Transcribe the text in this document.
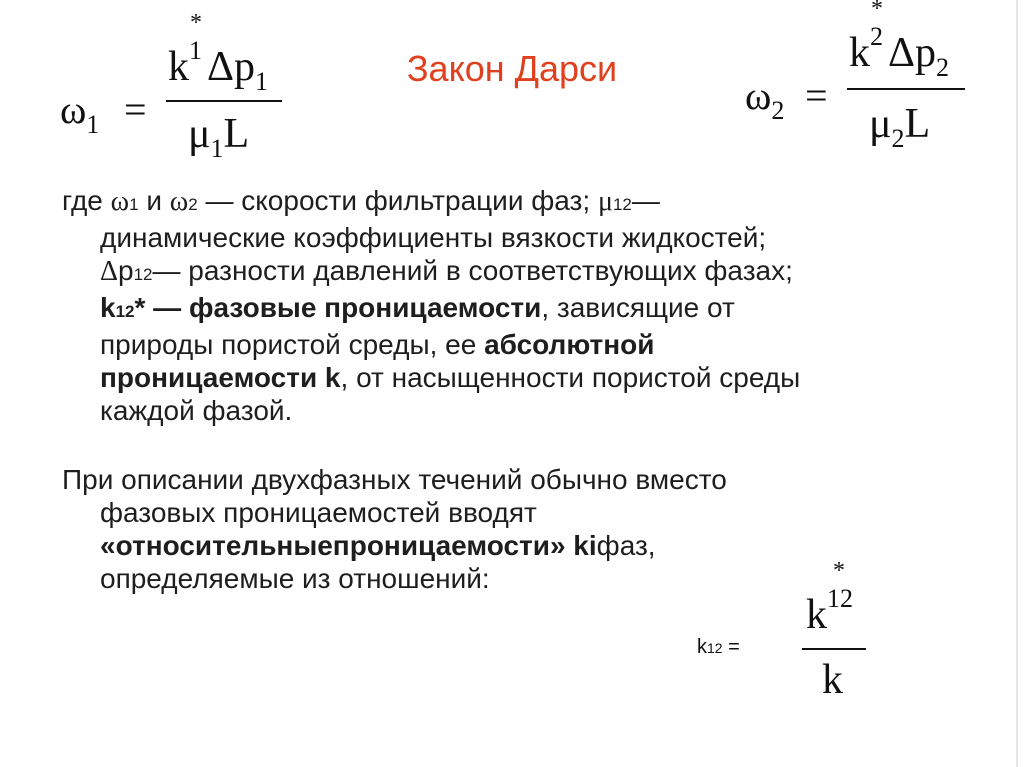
Закон Дарси
$\omega_1$ =
k
*
1 $\Delta p_1$
$\mu_1L$
$\omega_2$ =
k
*
2 $\Delta p_2$
$\mu_2L$
где ω1 и ω2 — скорости фильтрации фаз; μ12—
динамические коэффициенты вязкости жидкостей;
Δp12— разности давлений в соответствующих фазах;
k12* — фазовые проницаемости, зависящие от
природы пористой среды, ее абсолютной
проницаемости k, от насыщенности пористой среды
каждой фазой.
При описании двухфазных течений обычно вместо
фазовых проницаемостей вводят
«относительныепроницаемости» kiфаз,
определяемые из отношений:
k12 =
k
*
12
k
